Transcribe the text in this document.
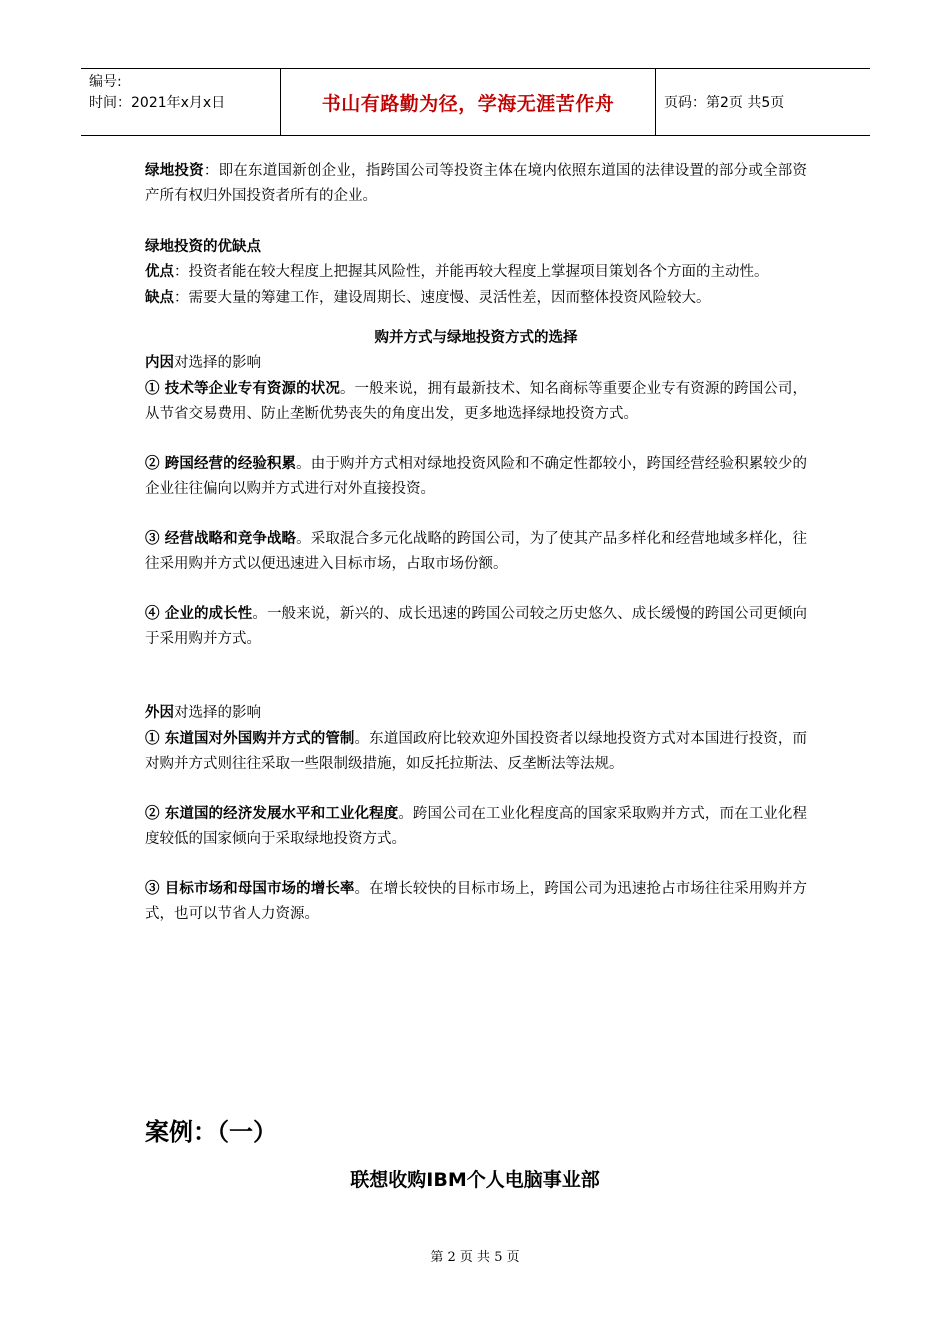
编号:
时间：2021年x月x日	书山有路勤为径，学海无涯苦作舟	页码：第2页 共5页

绿地投资：即在东道国新创企业，指跨国公司等投资主体在境内依照东道国的法律设置的部分或全部资产所有权归外国投资者所有的企业。

绿地投资的优缺点

优点：投资者能在较大程度上把握其风险性，并能再较大程度上掌握项目策划各个方面的主动性。

缺点：需要大量的筹建工作，建设周期长、速度慢、灵活性差，因而整体投资风险较大。

购并方式与绿地投资方式的选择

内因对选择的影响

① 技术等企业专有资源的状况。一般来说，拥有最新技术、知名商标等重要企业专有资源的跨国公司，从节省交易费用、防止垄断优势丧失的角度出发，更多地选择绿地投资方式。

② 跨国经营的经验积累。由于购并方式相对绿地投资风险和不确定性都较小，跨国经营经验积累较少的企业往往偏向以购并方式进行对外直接投资。

③ 经营战略和竞争战略。采取混合多元化战略的跨国公司，为了使其产品多样化和经营地域多样化，往往采用购并方式以便迅速进入目标市场，占取市场份额。

④ 企业的成长性。一般来说，新兴的、成长迅速的跨国公司较之历史悠久、成长缓慢的跨国公司更倾向于采用购并方式。

外因对选择的影响

① 东道国对外国购并方式的管制。东道国政府比较欢迎外国投资者以绿地投资方式对本国进行投资，而对购并方式则往往采取一些限制级措施，如反托拉斯法、反垄断法等法规。

② 东道国的经济发展水平和工业化程度。跨国公司在工业化程度高的国家采取购并方式，而在工业化程度较低的国家倾向于采取绿地投资方式。

③ 目标市场和母国市场的增长率。在增长较快的目标市场上，跨国公司为迅速抢占市场往往采用购并方式，也可以节省人力资源。

案例：（一）
联想收购IBM个人电脑事业部
第 2 页 共 5 页
